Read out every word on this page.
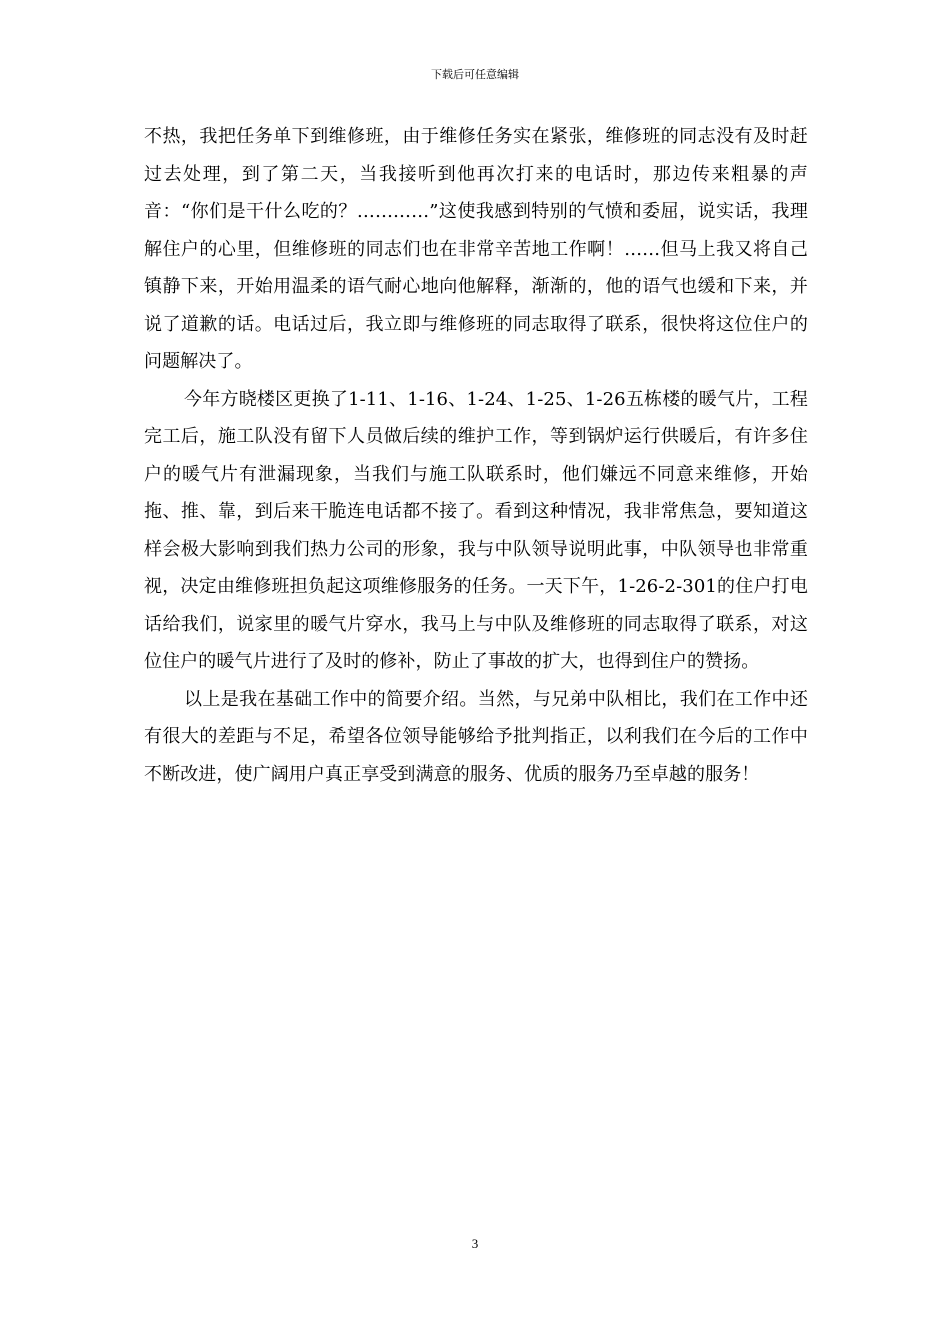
下载后可任意编辑

不热，我把任务单下到维修班，由于维修任务实在紧张，维修班的同志没有及时赶过去处理，到了第二天，当我接听到他再次打来的电话时，那边传来粗暴的声音：“你们是干什么吃的？…………”这使我感到特别的气愤和委屈，说实话，我理解住户的心里，但维修班的同志们也在非常辛苦地工作啊！……但马上我又将自己镇静下来，开始用温柔的语气耐心地向他解释，渐渐的，他的语气也缓和下来，并说了道歉的话。电话过后，我立即与维修班的同志取得了联系，很快将这位住户的问题解决了。

今年方晓楼区更换了1-11、1-16、1-24、1-25、1-26五栋楼的暖气片，工程完工后，施工队没有留下人员做后续的维护工作，等到锅炉运行供暖后，有许多住户的暖气片有泄漏现象，当我们与施工队联系时，他们嫌远不同意来维修，开始拖、推、靠，到后来干脆连电话都不接了。看到这种情况，我非常焦急，要知道这样会极大影响到我们热力公司的形象，我与中队领导说明此事，中队领导也非常重视，决定由维修班担负起这项维修服务的任务。一天下午，1-26-2-301的住户打电话给我们，说家里的暖气片穿水，我马上与中队及维修班的同志取得了联系，对这位住户的暖气片进行了及时的修补，防止了事故的扩大，也得到住户的赞扬。

以上是我在基础工作中的简要介绍。当然，与兄弟中队相比，我们在工作中还有很大的差距与不足，希望各位领导能够给予批判指正，以利我们在今后的工作中不断改进，使广阔用户真正享受到满意的服务、优质的服务乃至卓越的服务！

3
